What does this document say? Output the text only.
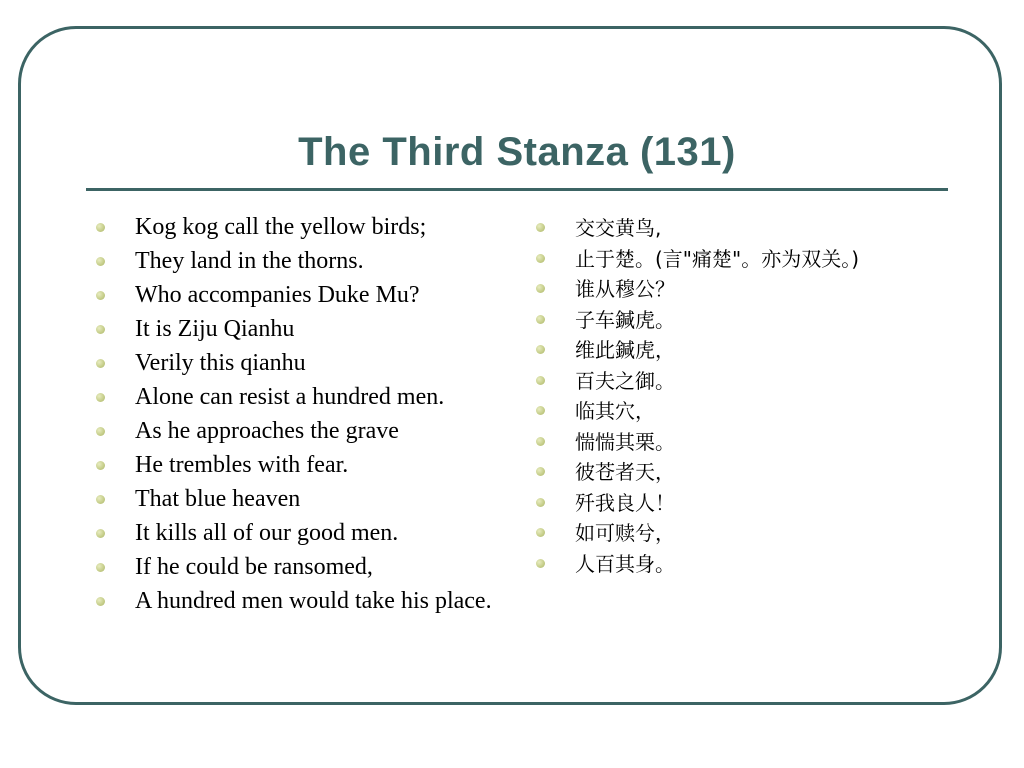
The Third Stanza (131)
Kog kog call the yellow birds;
They land in the thorns.
Who accompanies Duke Mu?
It is Ziju Qianhu
Verily this qianhu
Alone can resist a hundred men.
As he approaches the grave
He trembles with fear.
That blue heaven
It kills all of our good men.
If he could be ransomed,
A hundred men would take his place.
交交黄鸟,
止于楚。(言"痛楚"。亦为双关。)
谁从穆公？
子车鍼虎。
维此鍼虎，
百夫之御。
临其穴，
惴惴其栗。
彼苍者天，
歼我良人！
如可赎兮，
人百其身。
